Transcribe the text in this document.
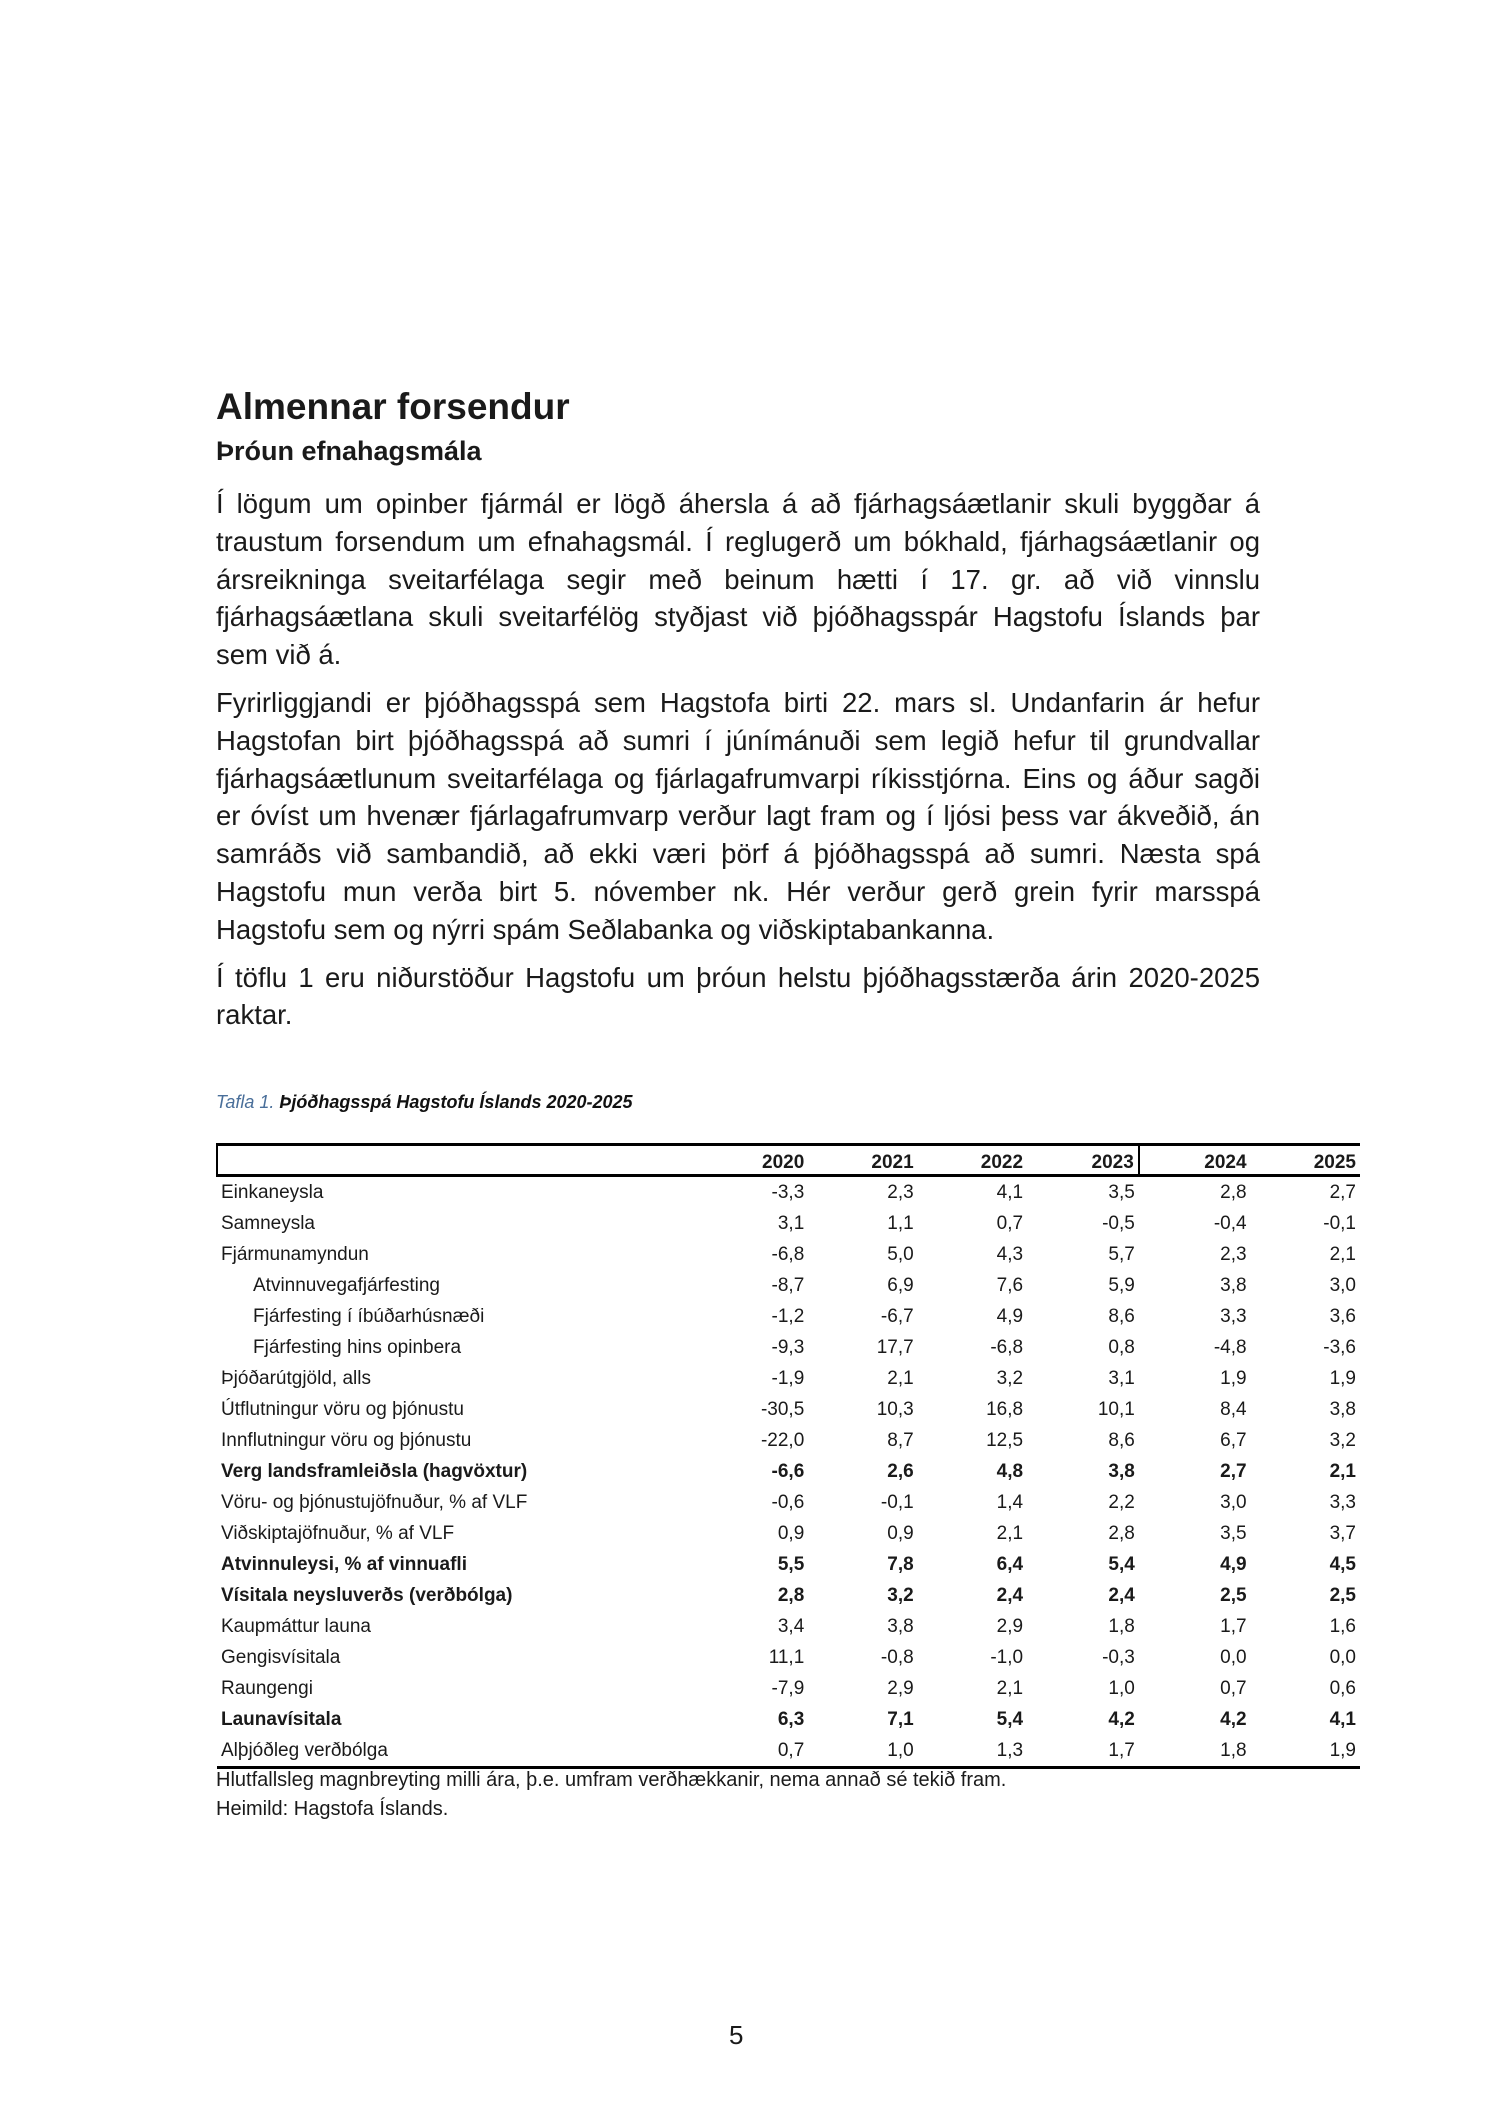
Almennar forsendur
Þróun efnahagsmála

Í lögum um opinber fjármál er lögð áhersla á að fjárhagsáætlanir skuli byggðar á traustum forsendum um efnahagsmál. Í reglugerð um bókhald, fjárhagsáætlanir og ársreikninga sveitarfélaga segir með beinum hætti í 17. gr. að við vinnslu fjárhagsáætlana skuli sveitarfélög styðjast við þjóðhagsspár Hagstofu Íslands þar sem við á.

Fyrirliggjandi er þjóðhagsspá sem Hagstofa birti 22. mars sl. Undanfarin ár hefur Hagstofan birt þjóðhagsspá að sumri í júnímánuði sem legið hefur til grundvallar fjárhagsáætlunum sveitarfélaga og fjárlagafrumvarpi ríkisstjórna. Eins og áður sagði er óvíst um hvenær fjárlagafrumvarp verður lagt fram og í ljósi þess var ákveðið, án samráðs við sambandið, að ekki væri þörf á þjóðhagsspá að sumri. Næsta spá Hagstofu mun verða birt 5. nóvember nk. Hér verður gerð grein fyrir marsspá Hagstofu sem og nýrri spám Seðlabanka og viðskiptabankanna.

Í töflu 1 eru niðurstöður Hagstofu um þróun helstu þjóðhagsstærða árin 2020-2025 raktar.

Tafla 1. Þjóðhagsspá Hagstofu Íslands 2020-2025
	2020	2021	2022	2023	2024	2025
Einkaneysla	-3,3	2,3	4,1	3,5	2,8	2,7
Samneysla	3,1	1,1	0,7	-0,5	-0,4	-0,1
Fjármunamyndun	-6,8	5,0	4,3	5,7	2,3	2,1
Atvinnuvegafjárfesting	-8,7	6,9	7,6	5,9	3,8	3,0
Fjárfesting í íbúðarhúsnæði	-1,2	-6,7	4,9	8,6	3,3	3,6
Fjárfesting hins opinbera	-9,3	17,7	-6,8	0,8	-4,8	-3,6
Þjóðarútgjöld, alls	-1,9	2,1	3,2	3,1	1,9	1,9
Útflutningur vöru og þjónustu	-30,5	10,3	16,8	10,1	8,4	3,8
Innflutningur vöru og þjónustu	-22,0	8,7	12,5	8,6	6,7	3,2
Verg landsframleiðsla (hagvöxtur)	-6,6	2,6	4,8	3,8	2,7	2,1
Vöru- og þjónustujöfnuður, % af VLF	-0,6	-0,1	1,4	2,2	3,0	3,3
Viðskiptajöfnuður, % af VLF	0,9	0,9	2,1	2,8	3,5	3,7
Atvinnuleysi, % af vinnuafli	5,5	7,8	6,4	5,4	4,9	4,5
Vísitala neysluverðs (verðbólga)	2,8	3,2	2,4	2,4	2,5	2,5
Kaupmáttur launa	3,4	3,8	2,9	1,8	1,7	1,6
Gengisvísitala	11,1	-0,8	-1,0	-0,3	0,0	0,0
Raungengi	-7,9	2,9	2,1	1,0	0,7	0,6
Launavísitala	6,3	7,1	5,4	4,2	4,2	4,1
Alþjóðleg verðbólga	0,7	1,0	1,3	1,7	1,8	1,9
Hlutfallsleg magnbreyting milli ára, þ.e. umfram verðhækkanir, nema annað sé tekið fram.
Heimild: Hagstofa Íslands.
5
